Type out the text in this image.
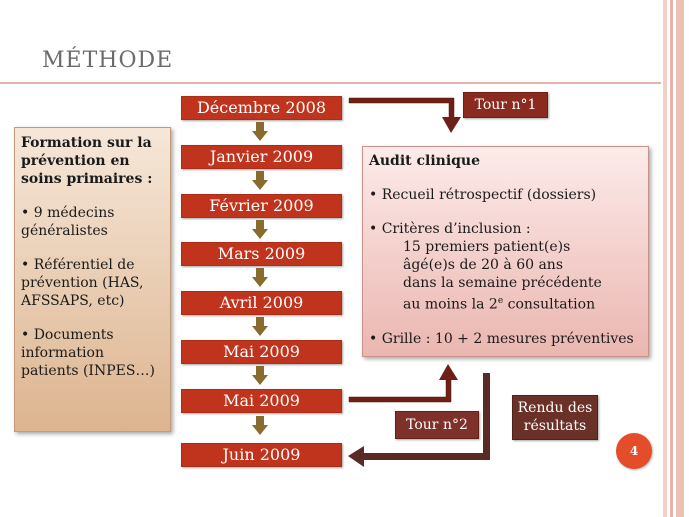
MÉTHODE
Décembre 2008
Janvier 2009
Février 2009
Mars 2009
Avril 2009
Mai 2009
Mai 2009
Juin 2009

Formation sur la prévention en soins primaires :

• 9 médecins généralistes

• Référentiel de prévention (HAS, AFSSAPS, etc)

• Documents information patients (INPES…)

Audit clinique
• Recueil rétrospectif (dossiers)
• Critères d’inclusion :
15 premiers patient(e)s
âgé(e)s de 20 à 60 ans
dans la semaine précédente
au moins la 2e consultation
• Grille : 10 + 2 mesures préventives
Tour n°1
Tour n°2
Rendu des
résultats
4
